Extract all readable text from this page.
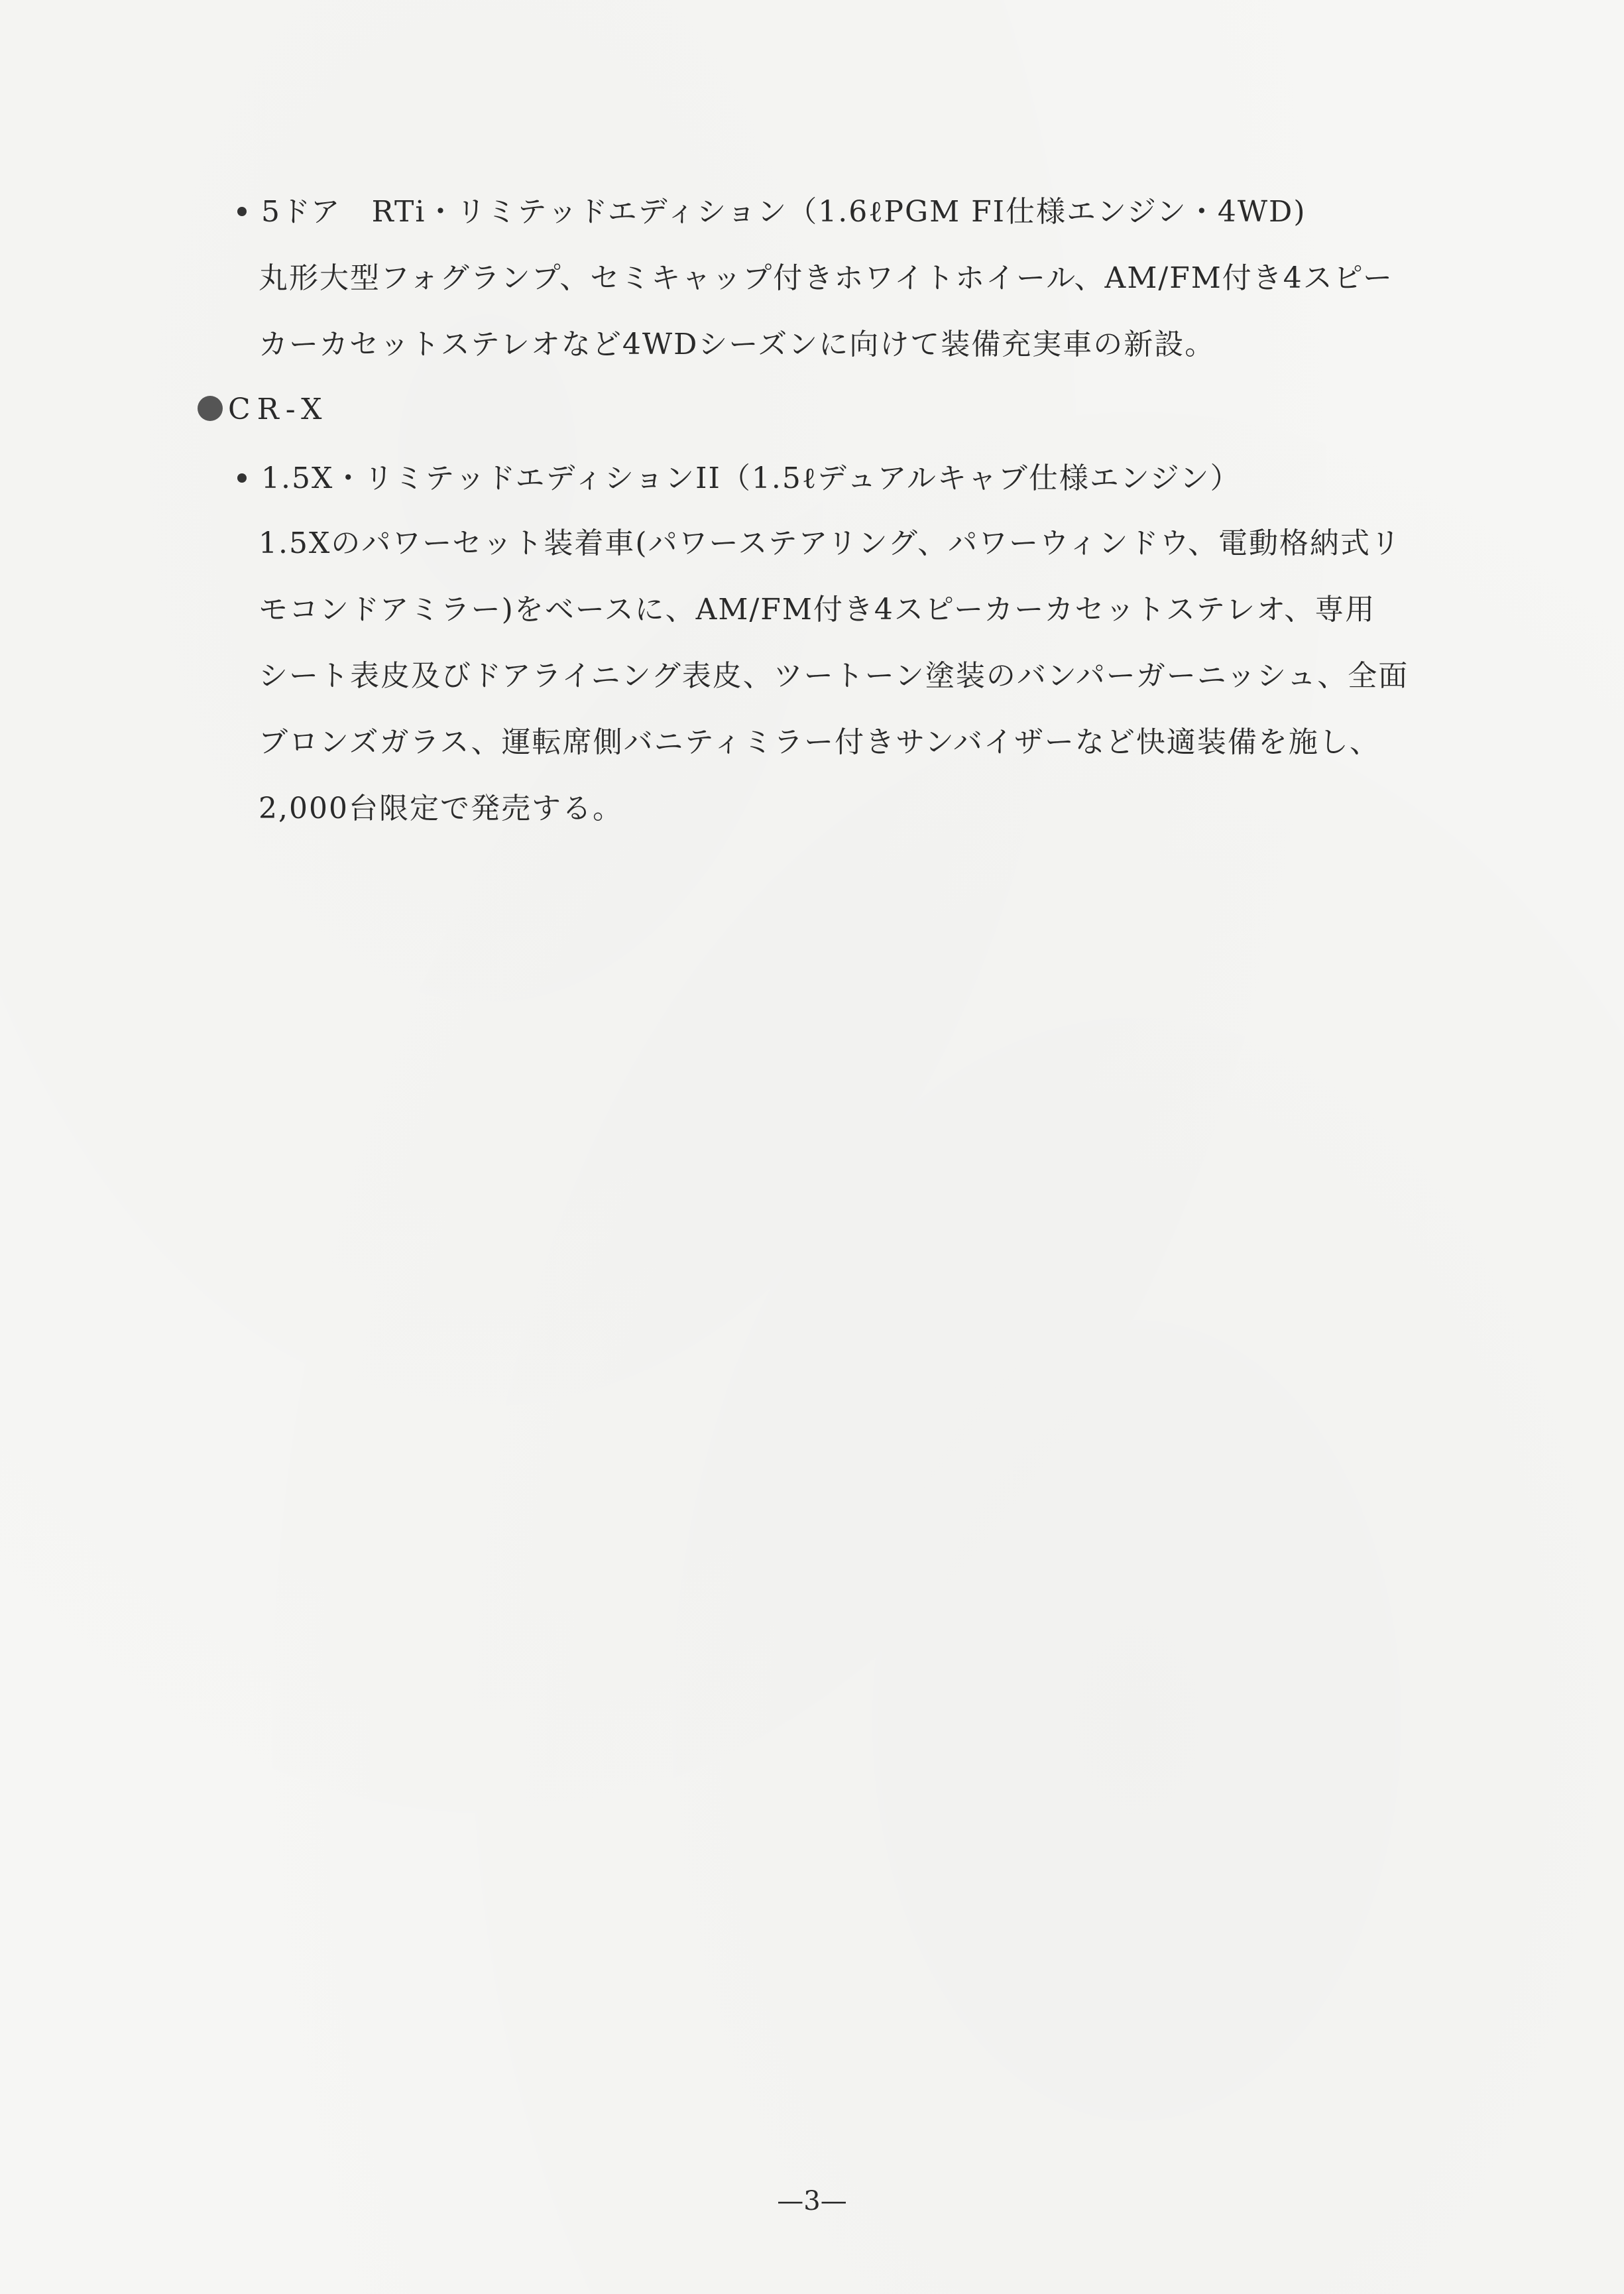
5ドア　RTi・リミテッドエディション（1.6ℓPGM FI仕様エンジン・4WD)
丸形大型フォグランプ、セミキャップ付きホワイトホイール、AM/FM付き4スピー
カーカセットステレオなど4WDシーズンに向けて装備充実車の新設。
CR-X
1.5X・リミテッドエディションII（1.5ℓデュアルキャブ仕様エンジン）
1.5Xのパワーセット装着車(パワーステアリング、パワーウィンドウ、電動格納式リ
モコンドアミラー)をベースに、AM/FM付き4スピーカーカセットステレオ、専用
シート表皮及びドアライニング表皮、ツートーン塗装のバンパーガーニッシュ、全面
ブロンズガラス、運転席側バニティミラー付きサンバイザーなど快適装備を施し、
2,000台限定で発売する。
—3—
